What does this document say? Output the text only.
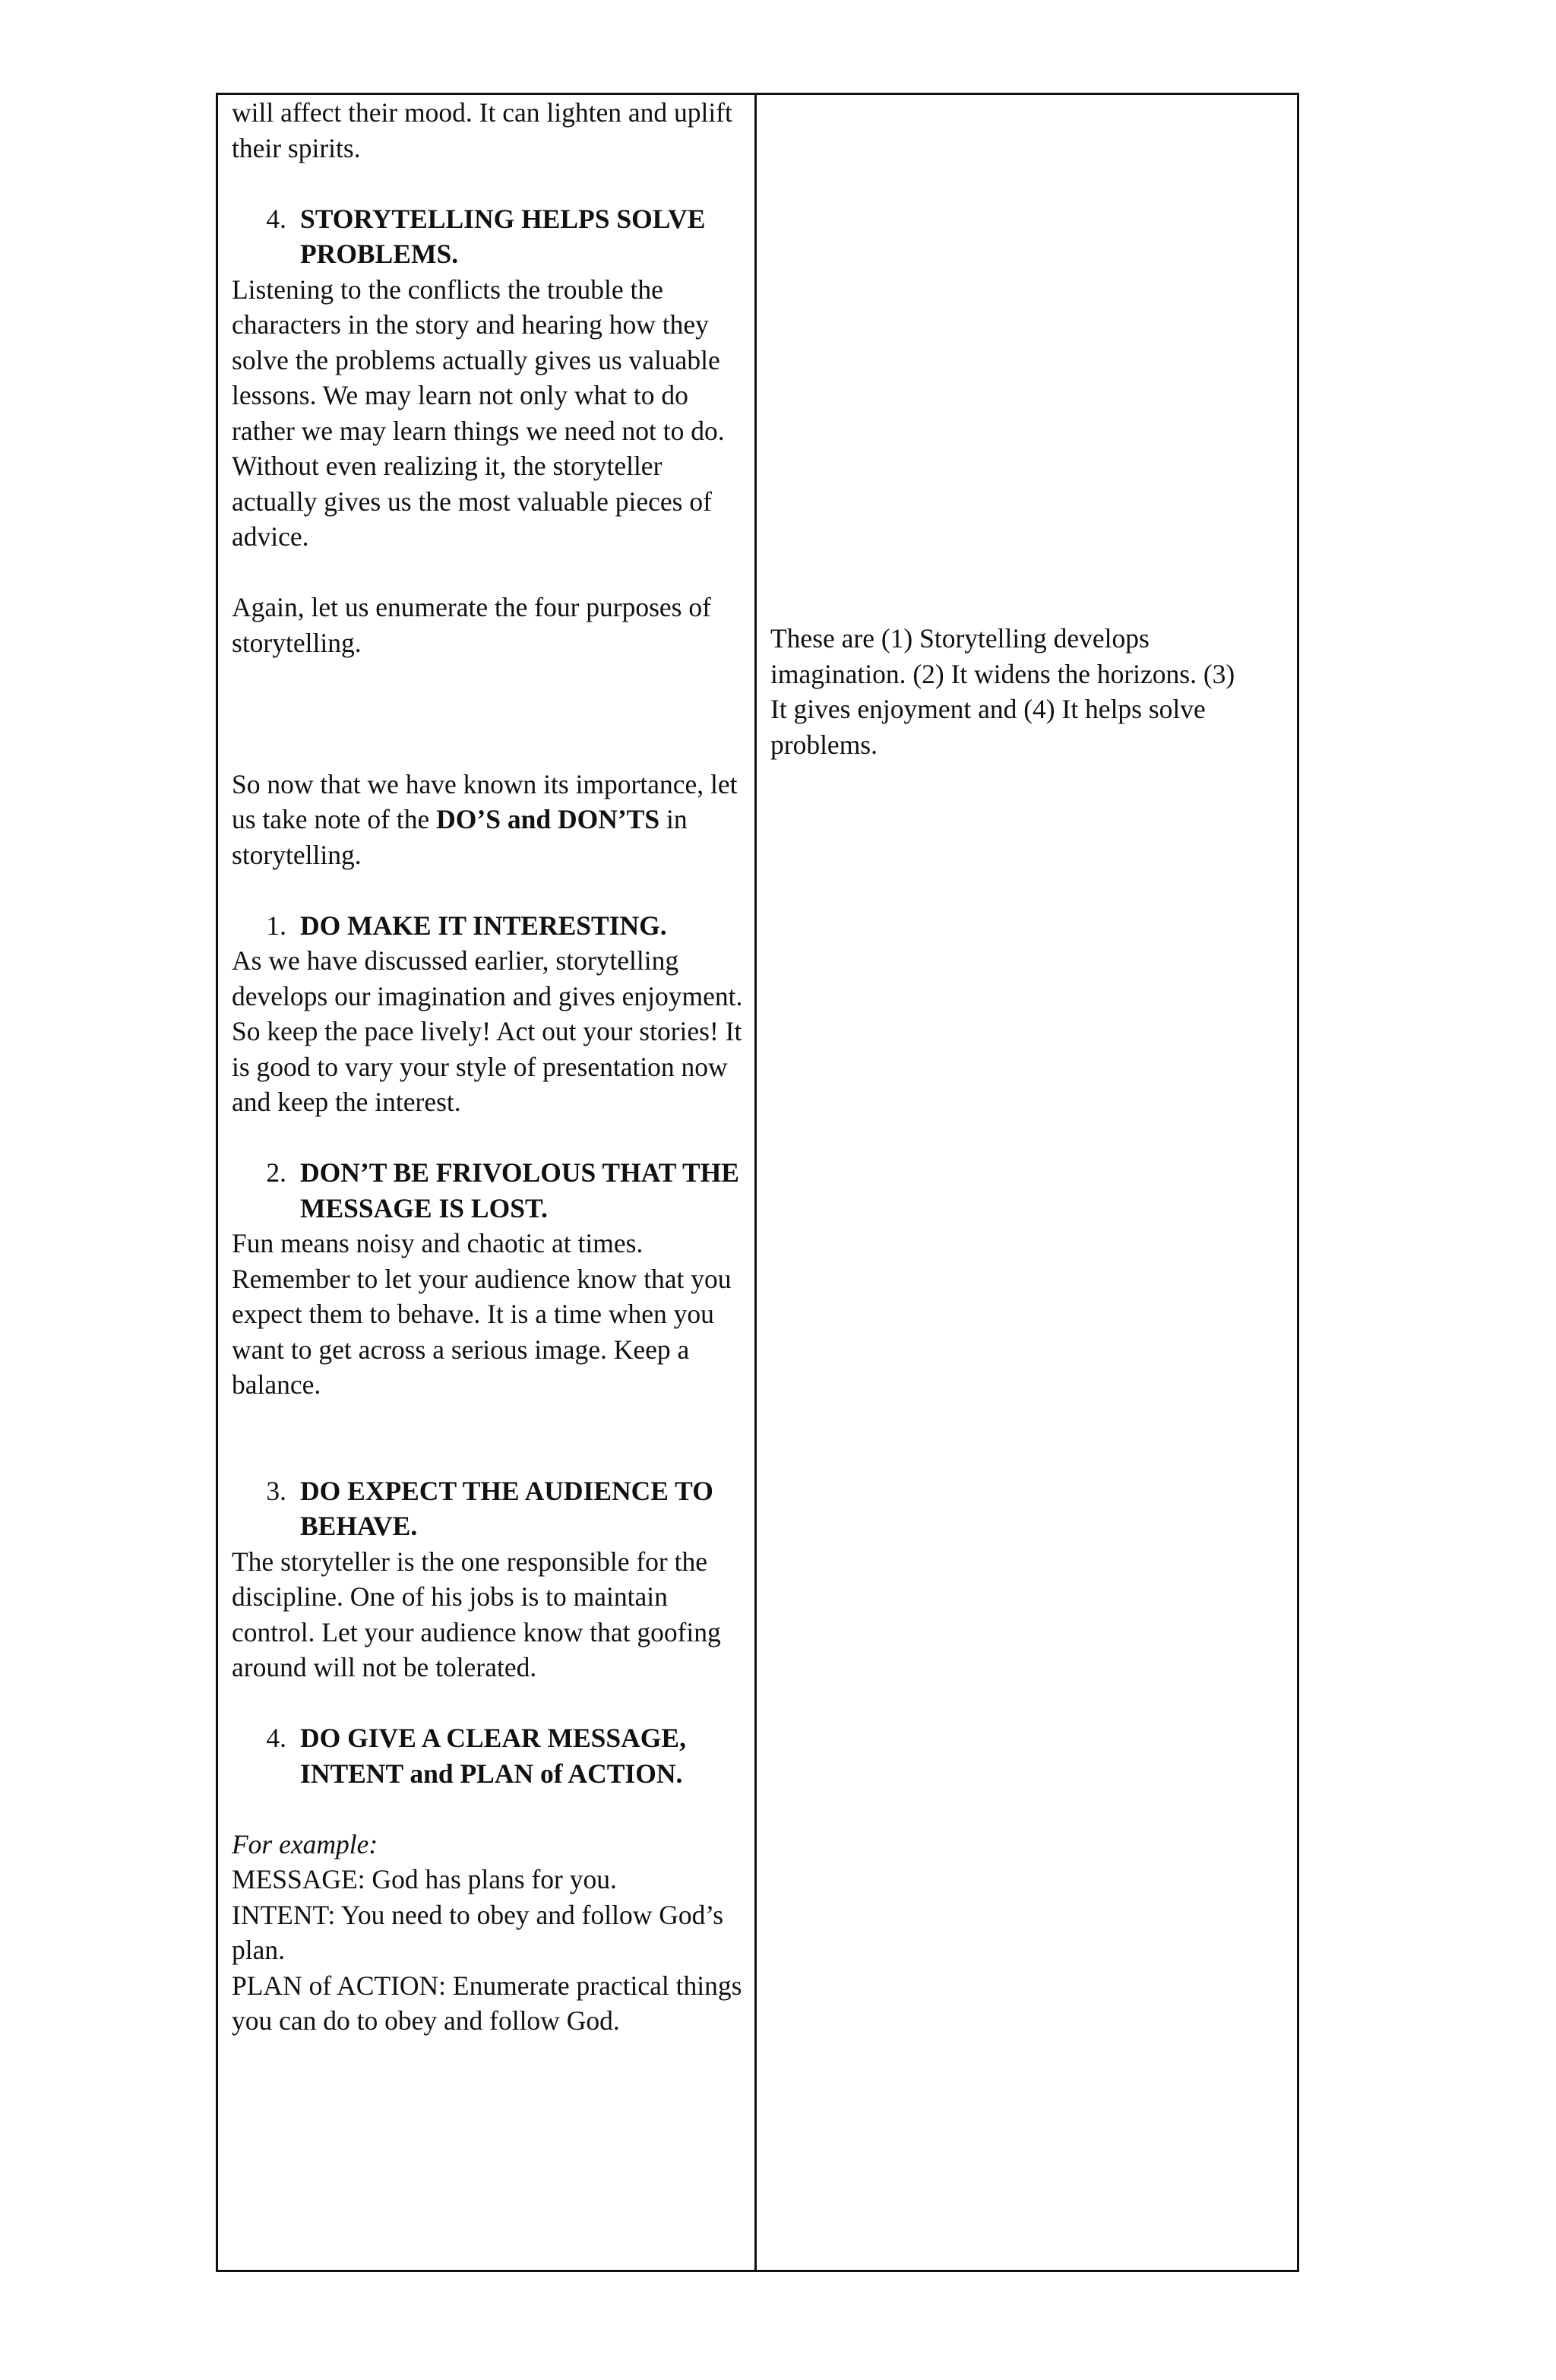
will affect their mood. It can lighten and uplift their spirits.

4. STORYTELLING HELPS SOLVE PROBLEMS.

Listening to the conflicts the trouble the characters in the story and hearing how they solve the problems actually gives us valuable lessons. We may learn not only what to do rather we may learn things we need not to do. Without even realizing it, the storyteller actually gives us the most valuable pieces of advice.

Again, let us enumerate the four purposes of storytelling.

So now that we have known its importance, let us take note of the DO’S and DON’TS in storytelling.

1. DO MAKE IT INTERESTING.

As we have discussed earlier, storytelling develops our imagination and gives enjoyment. So keep the pace lively! Act out your stories! It is good to vary your style of presentation now and keep the interest.

2. DON’T BE FRIVOLOUS THAT THE MESSAGE IS LOST.

Fun means noisy and chaotic at times. Remember to let your audience know that you expect them to behave. It is a time when you want to get across a serious image. Keep a balance.

3. DO EXPECT THE AUDIENCE TO BEHAVE.

The storyteller is the one responsible for the discipline. One of his jobs is to maintain control. Let your audience know that goofing around will not be tolerated.

4. DO GIVE A CLEAR MESSAGE, INTENT and PLAN of ACTION.

For example:

MESSAGE: God has plans for you.

INTENT: You need to obey and follow God’s plan.

PLAN of ACTION: Enumerate practical things you can do to obey and follow God.

These are (1) Storytelling develops imagination. (2) It widens the horizons. (3) It gives enjoyment and (4) It helps solve problems.
